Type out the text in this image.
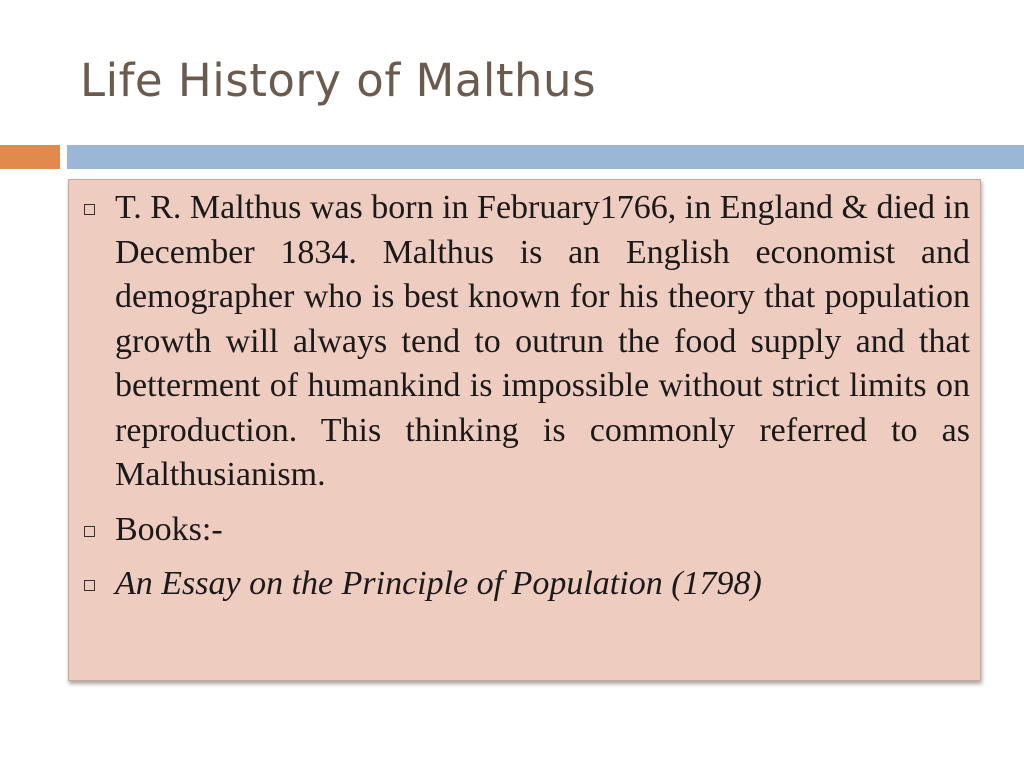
Life History of Malthus
T. R. Malthus was born in February1766, in England & died in December 1834. Malthus is an English economist and demographer who is best known for his theory that population growth will always tend to outrun the food supply and that betterment of humankind is impossible without strict limits on reproduction. This thinking is commonly referred to as Malthusianism.
Books:-
An Essay on the Principle of Population (1798)
